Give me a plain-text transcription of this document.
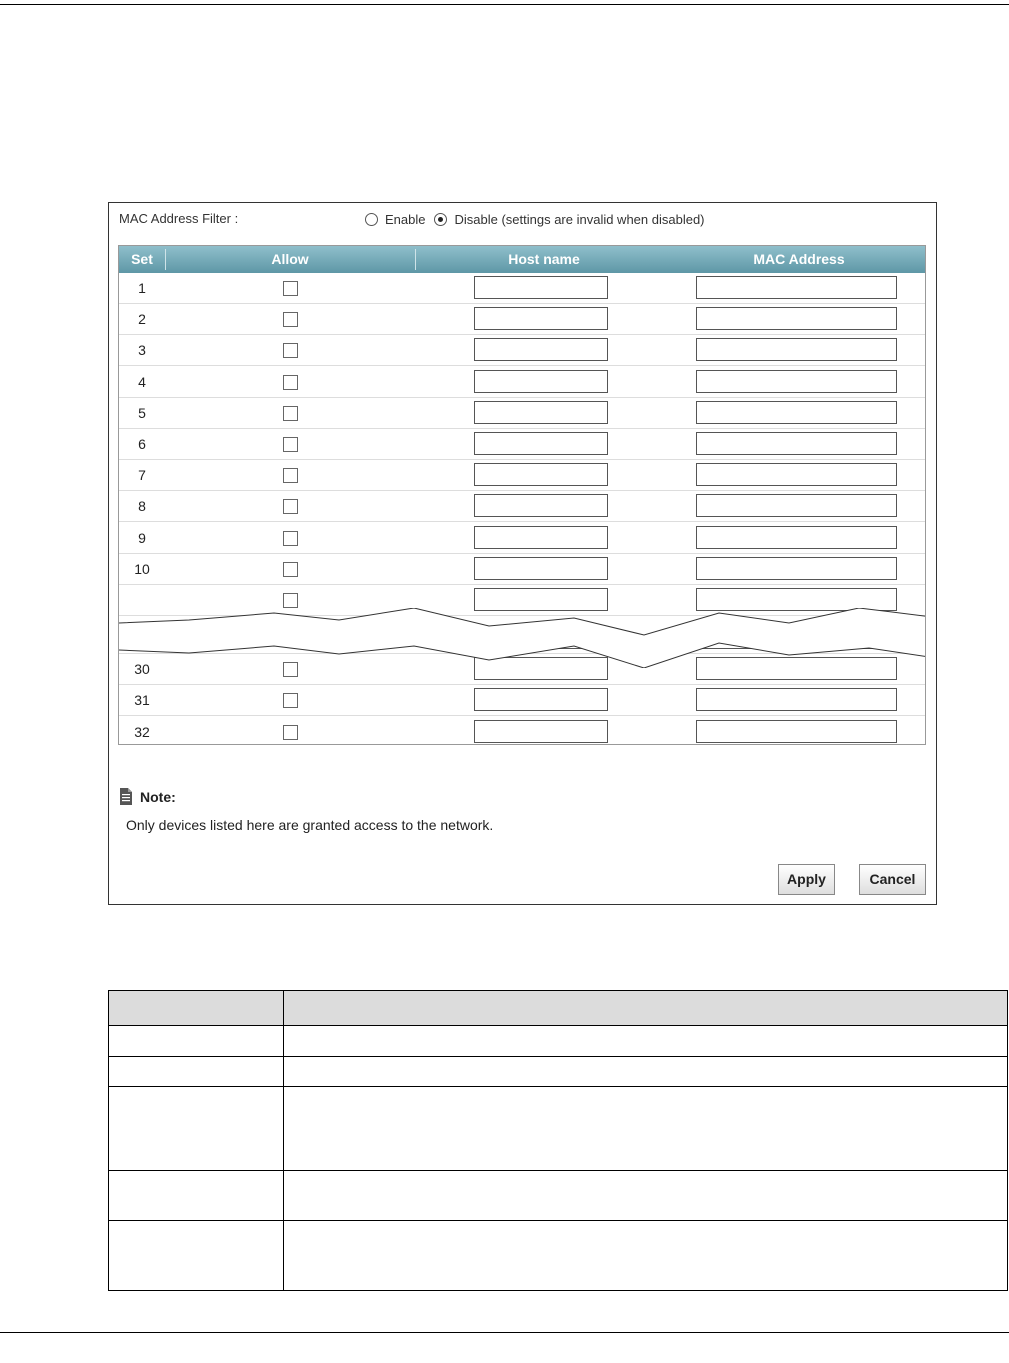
MAC Address Filter :	Enable Disable (settings are invalid when disabled)
Set	Allow	Host name	MAC Address
1
2
3
4
5
6
7
8
9
10
30
31
32
Note:
Only devices listed here are granted access to the network.
Apply	Cancel
